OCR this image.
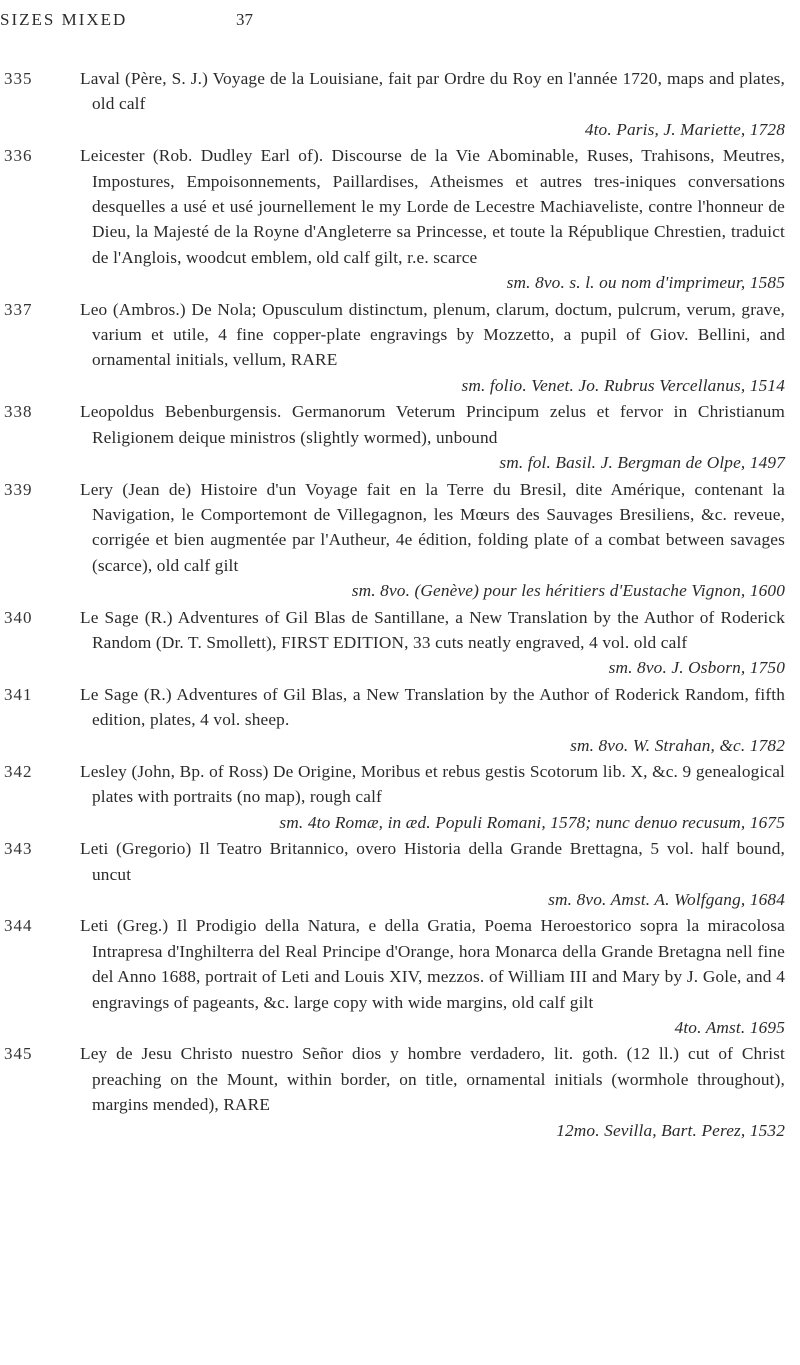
SIZES MIXED	37
335	Laval (Père, S. J.) Voyage de la Louisiane, fait par Ordre du Roy en l'année 1720, maps and plates, old calf
4to. Paris, J. Mariette, 1728
336	Leicester (Rob. Dudley Earl of). Discourse de la Vie Abominable, Ruses, Trahisons, Meutres, Impostures, Empoisonnements, Paillardises, Atheismes et autres tres-iniques conversations desquelles a usé et usé journellement le my Lorde de Lecestre Machiaveliste, contre l'honneur de Dieu, la Majesté de la Royne d'Angleterre sa Princesse, et toute la République Chrestien, traduict de l'Anglois, woodcut emblem, old calf gilt, r.e. scarce
sm. 8vo. s. l. ou nom d'imprimeur, 1585
337	Leo (Ambros.) De Nola; Opusculum distinctum, plenum, clarum, doctum, pulcrum, verum, grave, varium et utile, 4 fine copper-plate engravings by Mozzetto, a pupil of Giov. Bellini, and ornamental initials, vellum, RARE
sm. folio. Venet. Jo. Rubrus Vercellanus, 1514
338	Leopoldus Bebenburgensis. Germanorum Veterum Principum zelus et fervor in Christianum Religionem deique ministros (slightly wormed), unbound
sm. fol. Basil. J. Bergman de Olpe, 1497
339	Lery (Jean de) Histoire d'un Voyage fait en la Terre du Bresil, dite Amérique, contenant la Navigation, le Comportemont de Villegagnon, les Mœurs des Sauvages Bresiliens, &c. reveue, corrigée et bien augmentée par l'Autheur, 4e édition, folding plate of a combat between savages (scarce), old calf gilt
sm. 8vo. (Genève) pour les héritiers d'Eustache Vignon, 1600
340	Le Sage (R.) Adventures of Gil Blas de Santillane, a New Translation by the Author of Roderick Random (Dr. T. Smollett), FIRST EDITION, 33 cuts neatly engraved, 4 vol. old calf
sm. 8vo. J. Osborn, 1750
341	Le Sage (R.) Adventures of Gil Blas, a New Translation by the Author of Roderick Random, fifth edition, plates, 4 vol. sheep.
sm. 8vo. W. Strahan, &c. 1782
342	Lesley (John, Bp. of Ross) De Origine, Moribus et rebus gestis Scotorum lib. X, &c. 9 genealogical plates with portraits (no map), rough calf
sm. 4to Romæ, in æd. Populi Romani, 1578; nunc denuo recusum, 1675
343	Leti (Gregorio) Il Teatro Britannico, overo Historia della Grande Brettagna, 5 vol. half bound, uncut
sm. 8vo. Amst. A. Wolfgang, 1684
344	Leti (Greg.) Il Prodigio della Natura, e della Gratia, Poema Heroestorico sopra la miracolosa Intrapresa d'Inghilterra del Real Principe d'Orange, hora Monarca della Grande Bretagna nell fine del Anno 1688, portrait of Leti and Louis XIV, mezzos. of William III and Mary by J. Gole, and 4 engravings of pageants, &c. large copy with wide margins, old calf gilt
4to. Amst. 1695
345	Ley de Jesu Christo nuestro Señor dios y hombre verdadero, lit. goth. (12 ll.) cut of Christ preaching on the Mount, within border, on title, ornamental initials (wormhole throughout), margins mended), RARE
12mo. Sevilla, Bart. Perez, 1532
